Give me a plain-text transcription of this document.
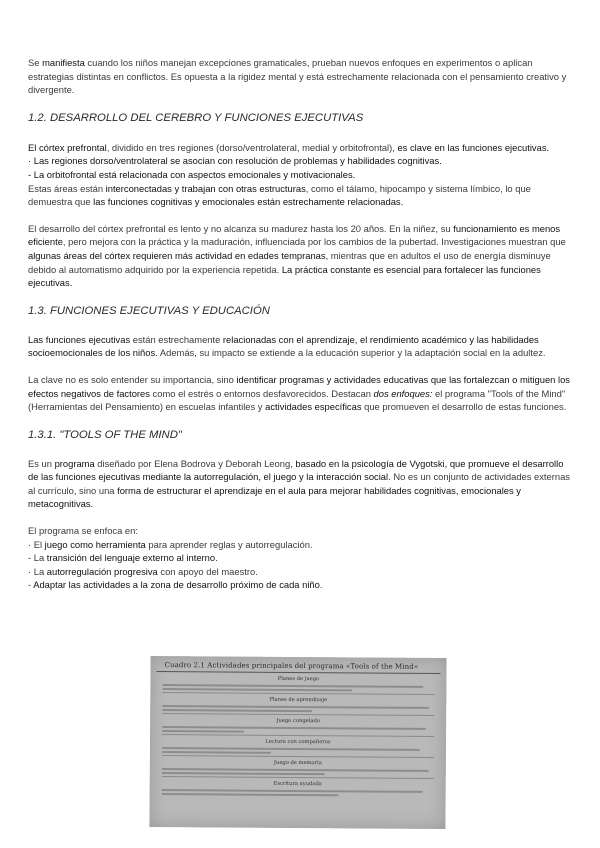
Se manifiesta cuando los niños manejan excepciones gramaticales, prueban nuevos enfoques en experimentos o aplican estrategias distintas en conflictos. Es opuesta a la rigidez mental y está estrechamente relacionada con el pensamiento creativo y divergente.

1.2. DESARROLLO DEL CEREBRO Y FUNCIONES EJECUTIVAS

El córtex prefrontal, dividido en tres regiones (dorso/ventrolateral, medial y orbitofrontal), es clave en las funciones ejecutivas.

· Las regiones dorso/ventrolateral se asocian con resolución de problemas y habilidades cognitivas.

- La orbitofrontal está relacionada con aspectos emocionales y motivacionales.

Estas áreas están interconectadas y trabajan con otras estructuras, como el tálamo, hipocampo y sistema límbico, lo que demuestra que las funciones cognitivas y emocionales están estrechamente relacionadas.

El desarrollo del córtex prefrontal es lento y no alcanza su madurez hasta los 20 años. En la niñez, su funcionamiento es menos eficiente, pero mejora con la práctica y la maduración, influenciada por los cambios de la pubertad. Investigaciones muestran que algunas áreas del córtex requieren más actividad en edades tempranas, mientras que en adultos el uso de energía disminuye debido al automatismo adquirido por la experiencia repetida. La práctica constante es esencial para fortalecer las funciones ejecutivas.

1.3. FUNCIONES EJECUTIVAS Y EDUCACIÓN

Las funciones ejecutivas están estrechamente relacionadas con el aprendizaje, el rendimiento académico y las habilidades socioemocionales de los niños. Además, su impacto se extiende a la educación superior y la adaptación social en la adultez.

La clave no es solo entender su importancia, sino identificar programas y actividades educativas que las fortalezcan o mitiguen los efectos negativos de factores como el estrés o entornos desfavorecidos. Destacan dos enfoques: el programa "Tools of the Mind" (Herramientas del Pensamiento) en escuelas infantiles y actividades específicas que promueven el desarrollo de estas funciones.

1.3.1. "TOOLS OF THE MIND"

Es un programa diseñado por Elena Bodrova y Deborah Leong, basado en la psicología de Vygotski, que promueve el desarrollo de las funciones ejecutivas mediante la autorregulación, el juego y la interacción social. No es un conjunto de actividades externas al currículo, sino una forma de estructurar el aprendizaje en el aula para mejorar habilidades cognitivas, emocionales y metacognitivas.

El programa se enfoca en:

· El juego como herramienta para aprender reglas y autorregulación.

- La transición del lenguaje externo al interno.

· La autorregulación progresiva con apoyo del maestro.

- Adaptar las actividades a la zona de desarrollo próximo de cada niño.

Cuadro 2.1 Actividades principales del programa «Tools of the Mind»
Planes de juego
Planes de aprendizaje
Juego congelado
Lectura con compañeros
Juego de memoria
Escritura ayudada
